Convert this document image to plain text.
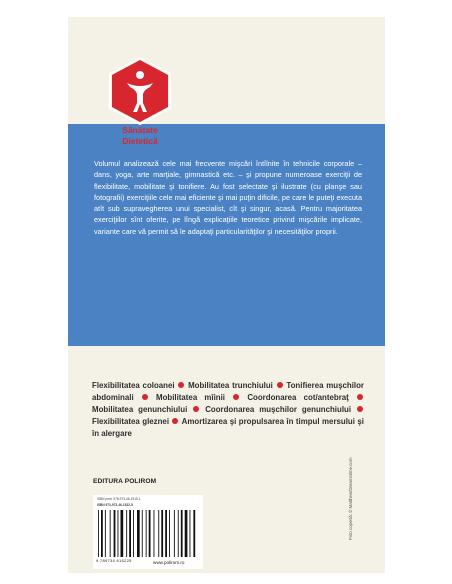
Sănătate
Dietetică

Volumul analizează cele mai frecvente mişcări întîlnite în tehnicile corporale – dans, yoga, arte marţiale, gimnastică etc. – şi propune numeroase exerciţii de flexibilitate, mobilitate şi tonifiere. Au fost selectate şi ilustrate (cu planşe sau fotografii) exerciţiile cele mai eficiente şi mai puţin dificile, pe care le puteţi executa atît sub supravegherea unui specialist, cît şi singur, acasă. Pentru majoritatea exerciţiilor sînt oferite, pe lîngă explicaţiile teoretice privind mişcările implicate, variante care vă permit să le adaptaţi particularităţilor şi necesităţilor proprii.

Flexibilitatea coloanei Mobilitatea trunchiului Tonifierea muşchilor abdominali	Mobilitatea mîinii	Coordonarea cot/antebraţ  Mobilitatea genunchiului Coordonarea muşchilor genunchiului  Flexibilitatea gleznei Amortizarea şi propulsarea în timpul mersului şi în alergare

EDITURA POLIROM
ISBN print: 978-973-46-1915-1
ISBN 973-973-46-1522-5
9 789734 615225	www.polirom.ro
Foto copertă: © Matthew/Dreamstime.com
